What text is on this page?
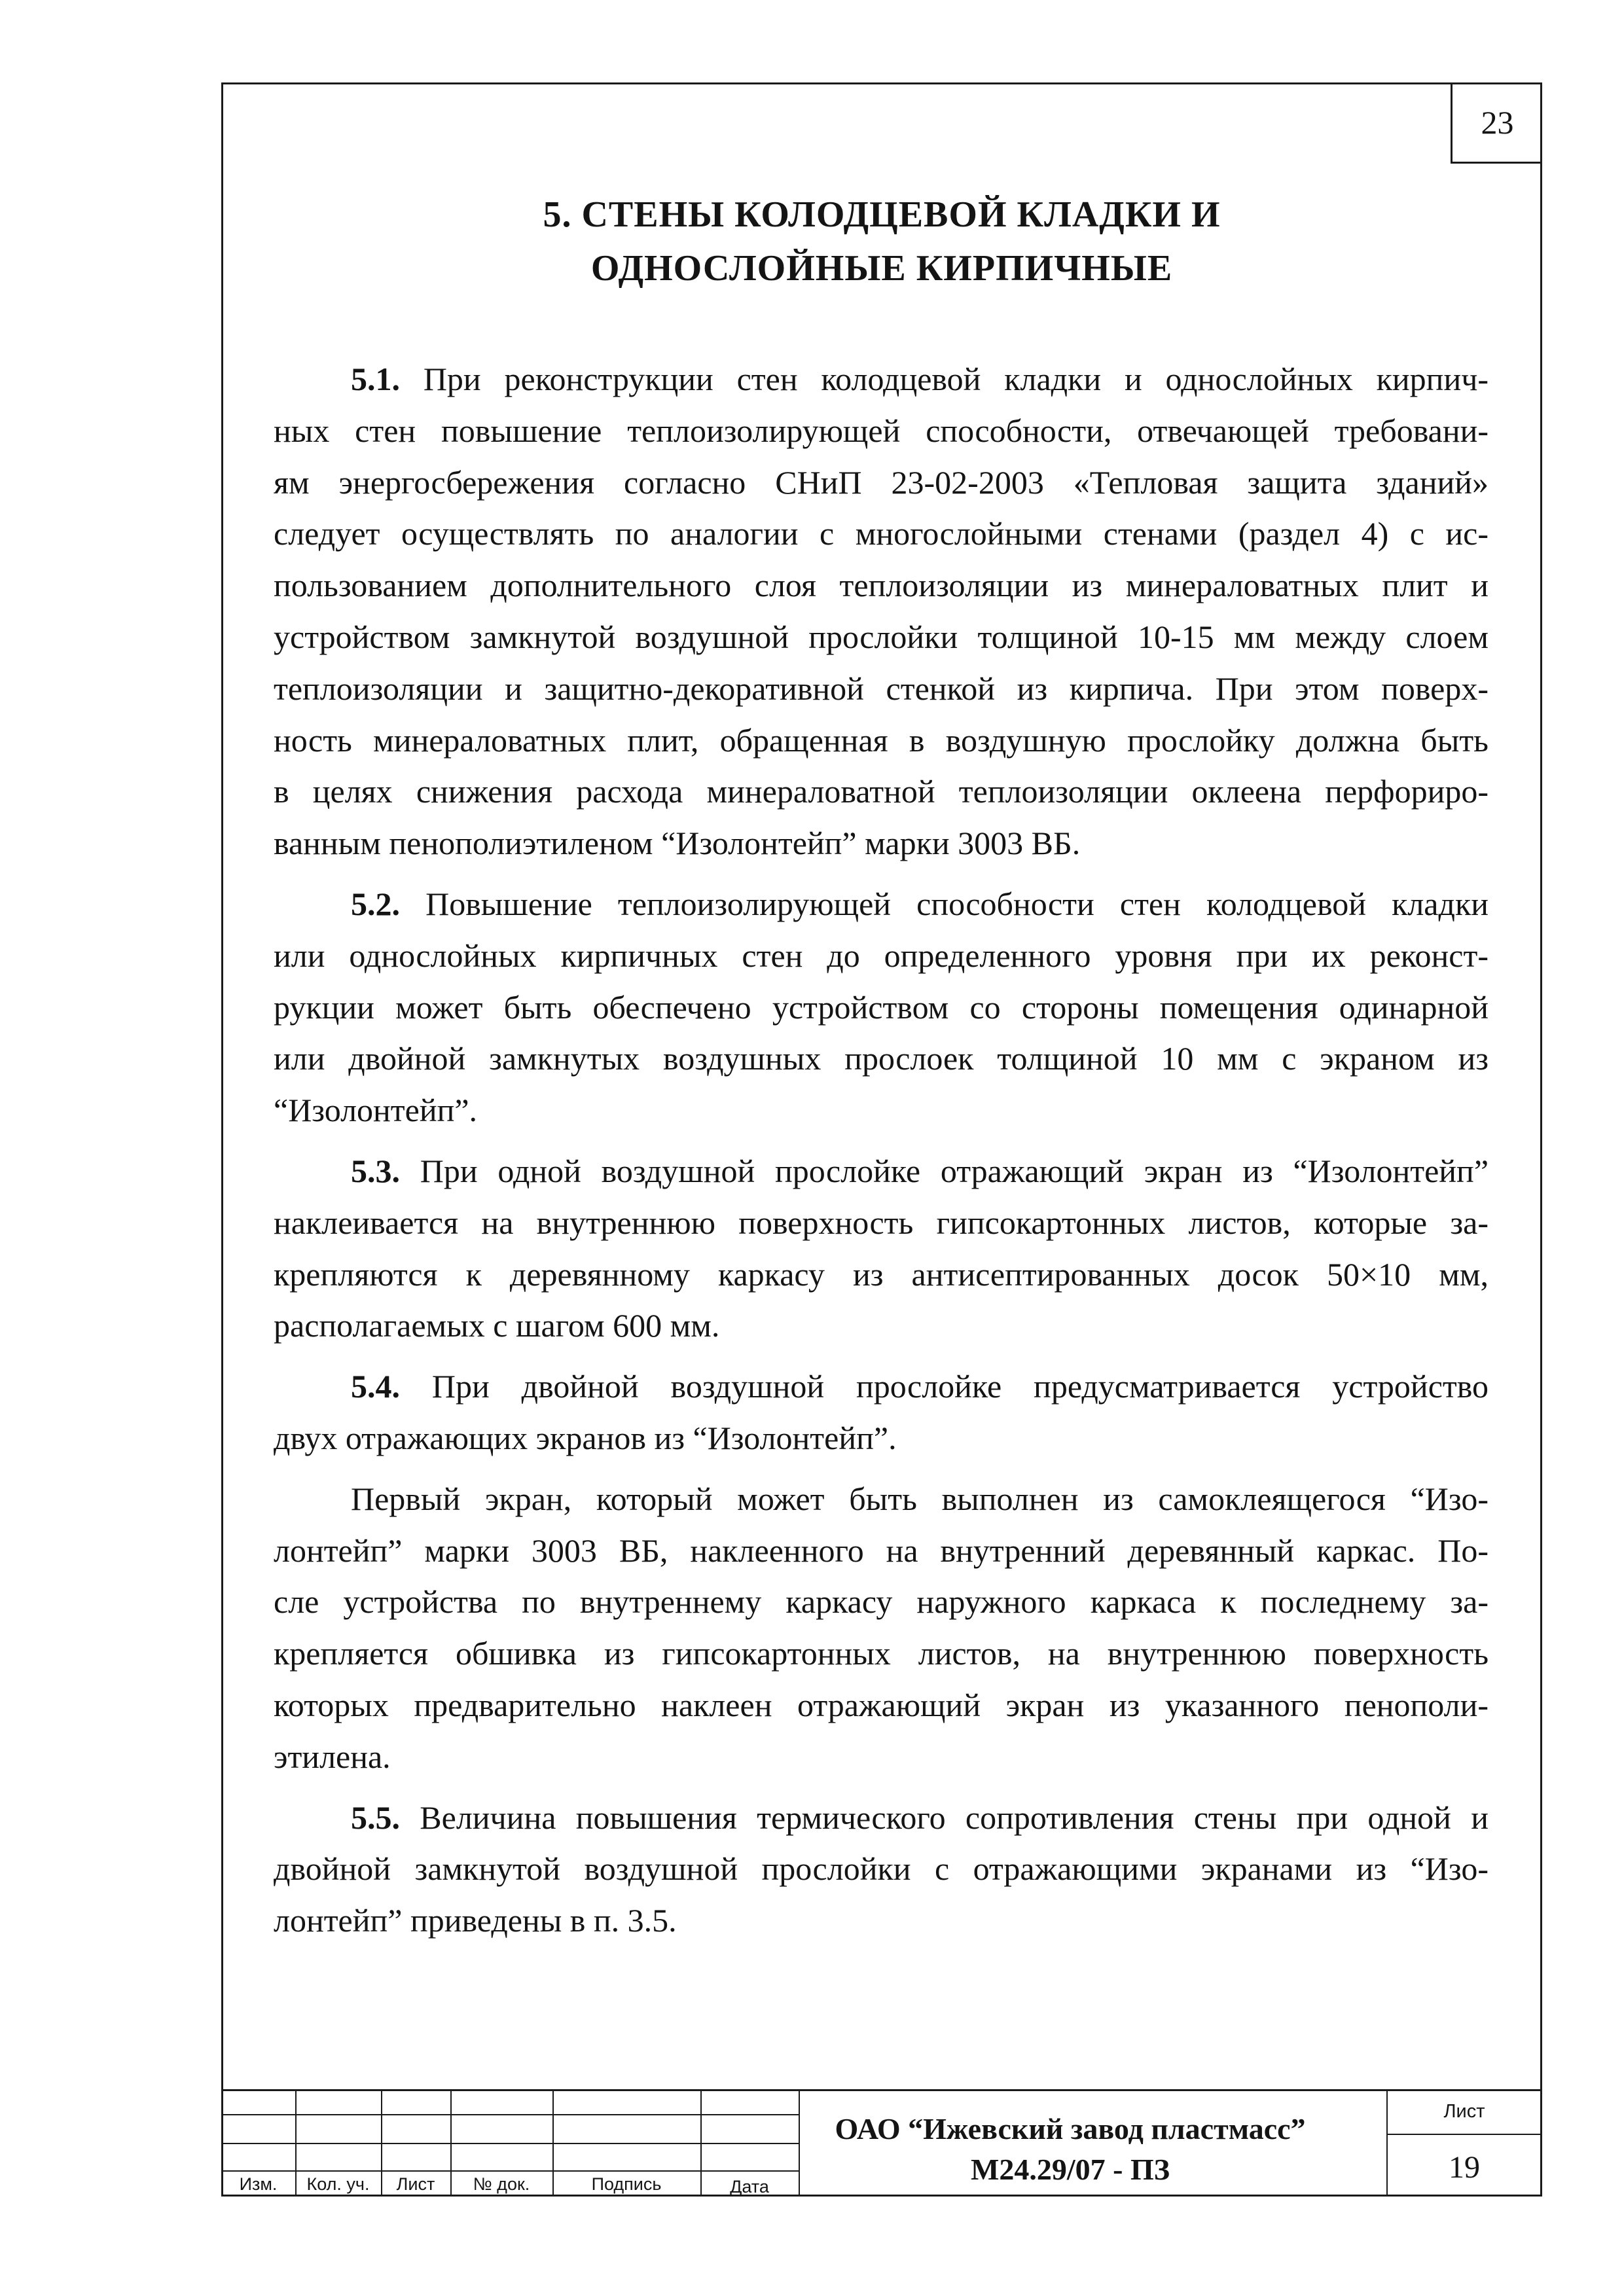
23
5. СТЕНЫ КОЛОДЦЕВОЙ КЛАДКИ И
ОДНОСЛОЙНЫЕ КИРПИЧНЫЕ
5.1. При реконструкции стен колодцевой кладки и однослойных кирпич-
ных стен повышение теплоизолирующей способности, отвечающей требовани-
ям энергосбережения согласно СНиП 23-02-2003 «Тепловая защита зданий»
следует осуществлять по аналогии с многослойными стенами (раздел 4) с ис-
пользованием дополнительного слоя теплоизоляции из минераловатных плит и
устройством замкнутой воздушной прослойки толщиной 10-15 мм между слоем
теплоизоляции и защитно-декоративной стенкой из кирпича. При этом поверх-
ность минераловатных плит, обращенная в воздушную прослойку должна быть
в целях снижения расхода минераловатной теплоизоляции оклеена перфориро-
ванным пенополиэтиленом “Изолонтейп” марки 3003 ВБ.
5.2. Повышение теплоизолирующей способности стен колодцевой кладки
или однослойных кирпичных стен до определенного уровня при их реконст-
рукции может быть обеспечено устройством со стороны помещения одинарной
или двойной замкнутых воздушных прослоек толщиной 10 мм с экраном из
“Изолонтейп”.
5.3. При одной воздушной прослойке отражающий экран из “Изолонтейп”
наклеивается на внутреннюю поверхность гипсокартонных листов, которые за-
крепляются к деревянному каркасу из антисептированных досок 50×10 мм,
располагаемых с шагом 600 мм.
5.4. При двойной воздушной прослойке предусматривается устройство
двух отражающих экранов из “Изолонтейп”.
Первый экран, который может быть выполнен из самоклеящегося “Изо-
лонтейп” марки 3003 ВБ, наклеенного на внутренний деревянный каркас. По-
сле устройства по внутреннему каркасу наружного каркаса к последнему за-
крепляется обшивка из гипсокартонных листов, на внутреннюю поверхность
которых предварительно наклеен отражающий экран из указанного пенополи-
этилена.
5.5. Величина повышения термического сопротивления стены при одной и
двойной замкнутой воздушной прослойки с отражающими экранами из “Изо-
лонтейп” приведены в п. 3.5.
Изм.	Кол. уч.	Лист	№ док.	Подпись	Дата
ОАО “Ижевский завод пластмасс”
М24.29/07 - ПЗ
Лист
19
